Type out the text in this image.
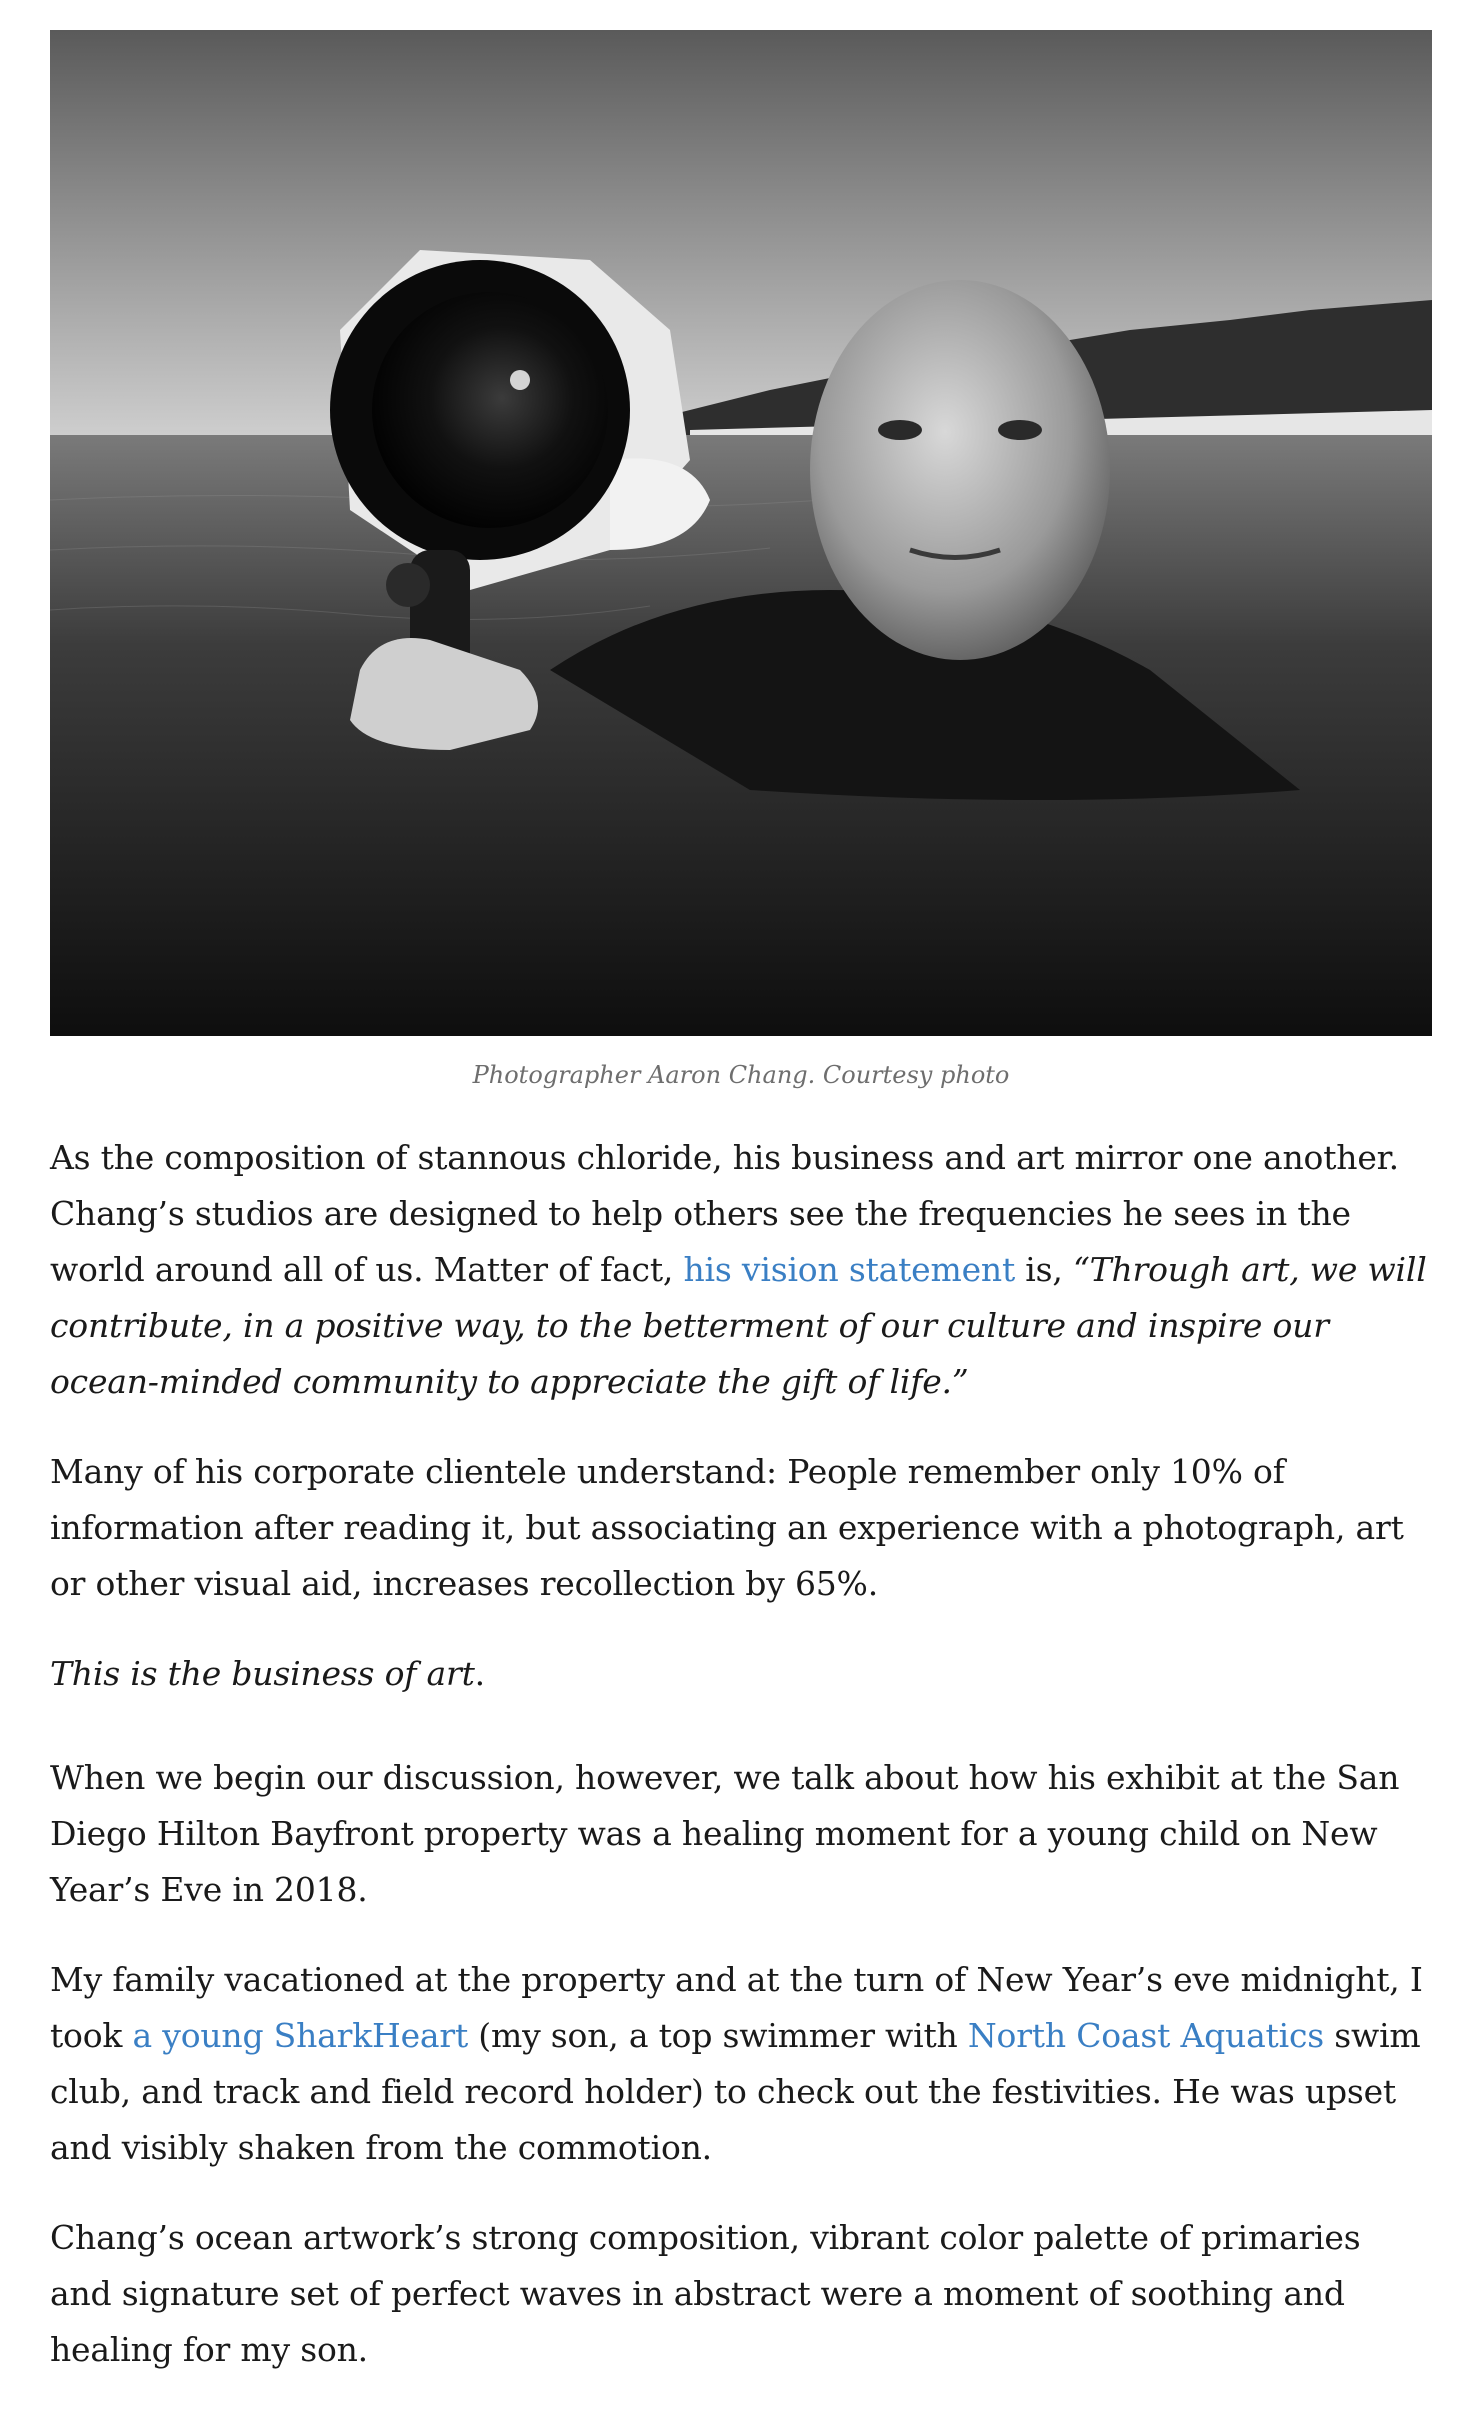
Photographer Aaron Chang. Courtesy photo

As the composition of stannous chloride, his business and art mirror one another. Chang’s studios are designed to help others see the frequencies he sees in the world around all of us. Matter of fact, his vision statement is, “Through art, we will contribute, in a positive way, to the betterment of our culture and inspire our ocean-minded community to appreciate the gift of life.”

Many of his corporate clientele understand: People remember only 10% of information after reading it, but associating an experience with a photograph, art or other visual aid, increases recollection by 65%.

This is the business of art.

When we begin our discussion, however, we talk about how his exhibit at the San Diego Hilton Bayfront property was a healing moment for a young child on New Year’s Eve in 2018.

My family vacationed at the property and at the turn of New Year’s eve midnight, I took a young SharkHeart (my son, a top swimmer with North Coast Aquatics swim club, and track and field record holder) to check out the festivities. He was upset and visibly shaken from the commotion.

Chang’s ocean artwork’s strong composition, vibrant color palette of primaries and signature set of perfect waves in abstract were a moment of soothing and healing for my son.
